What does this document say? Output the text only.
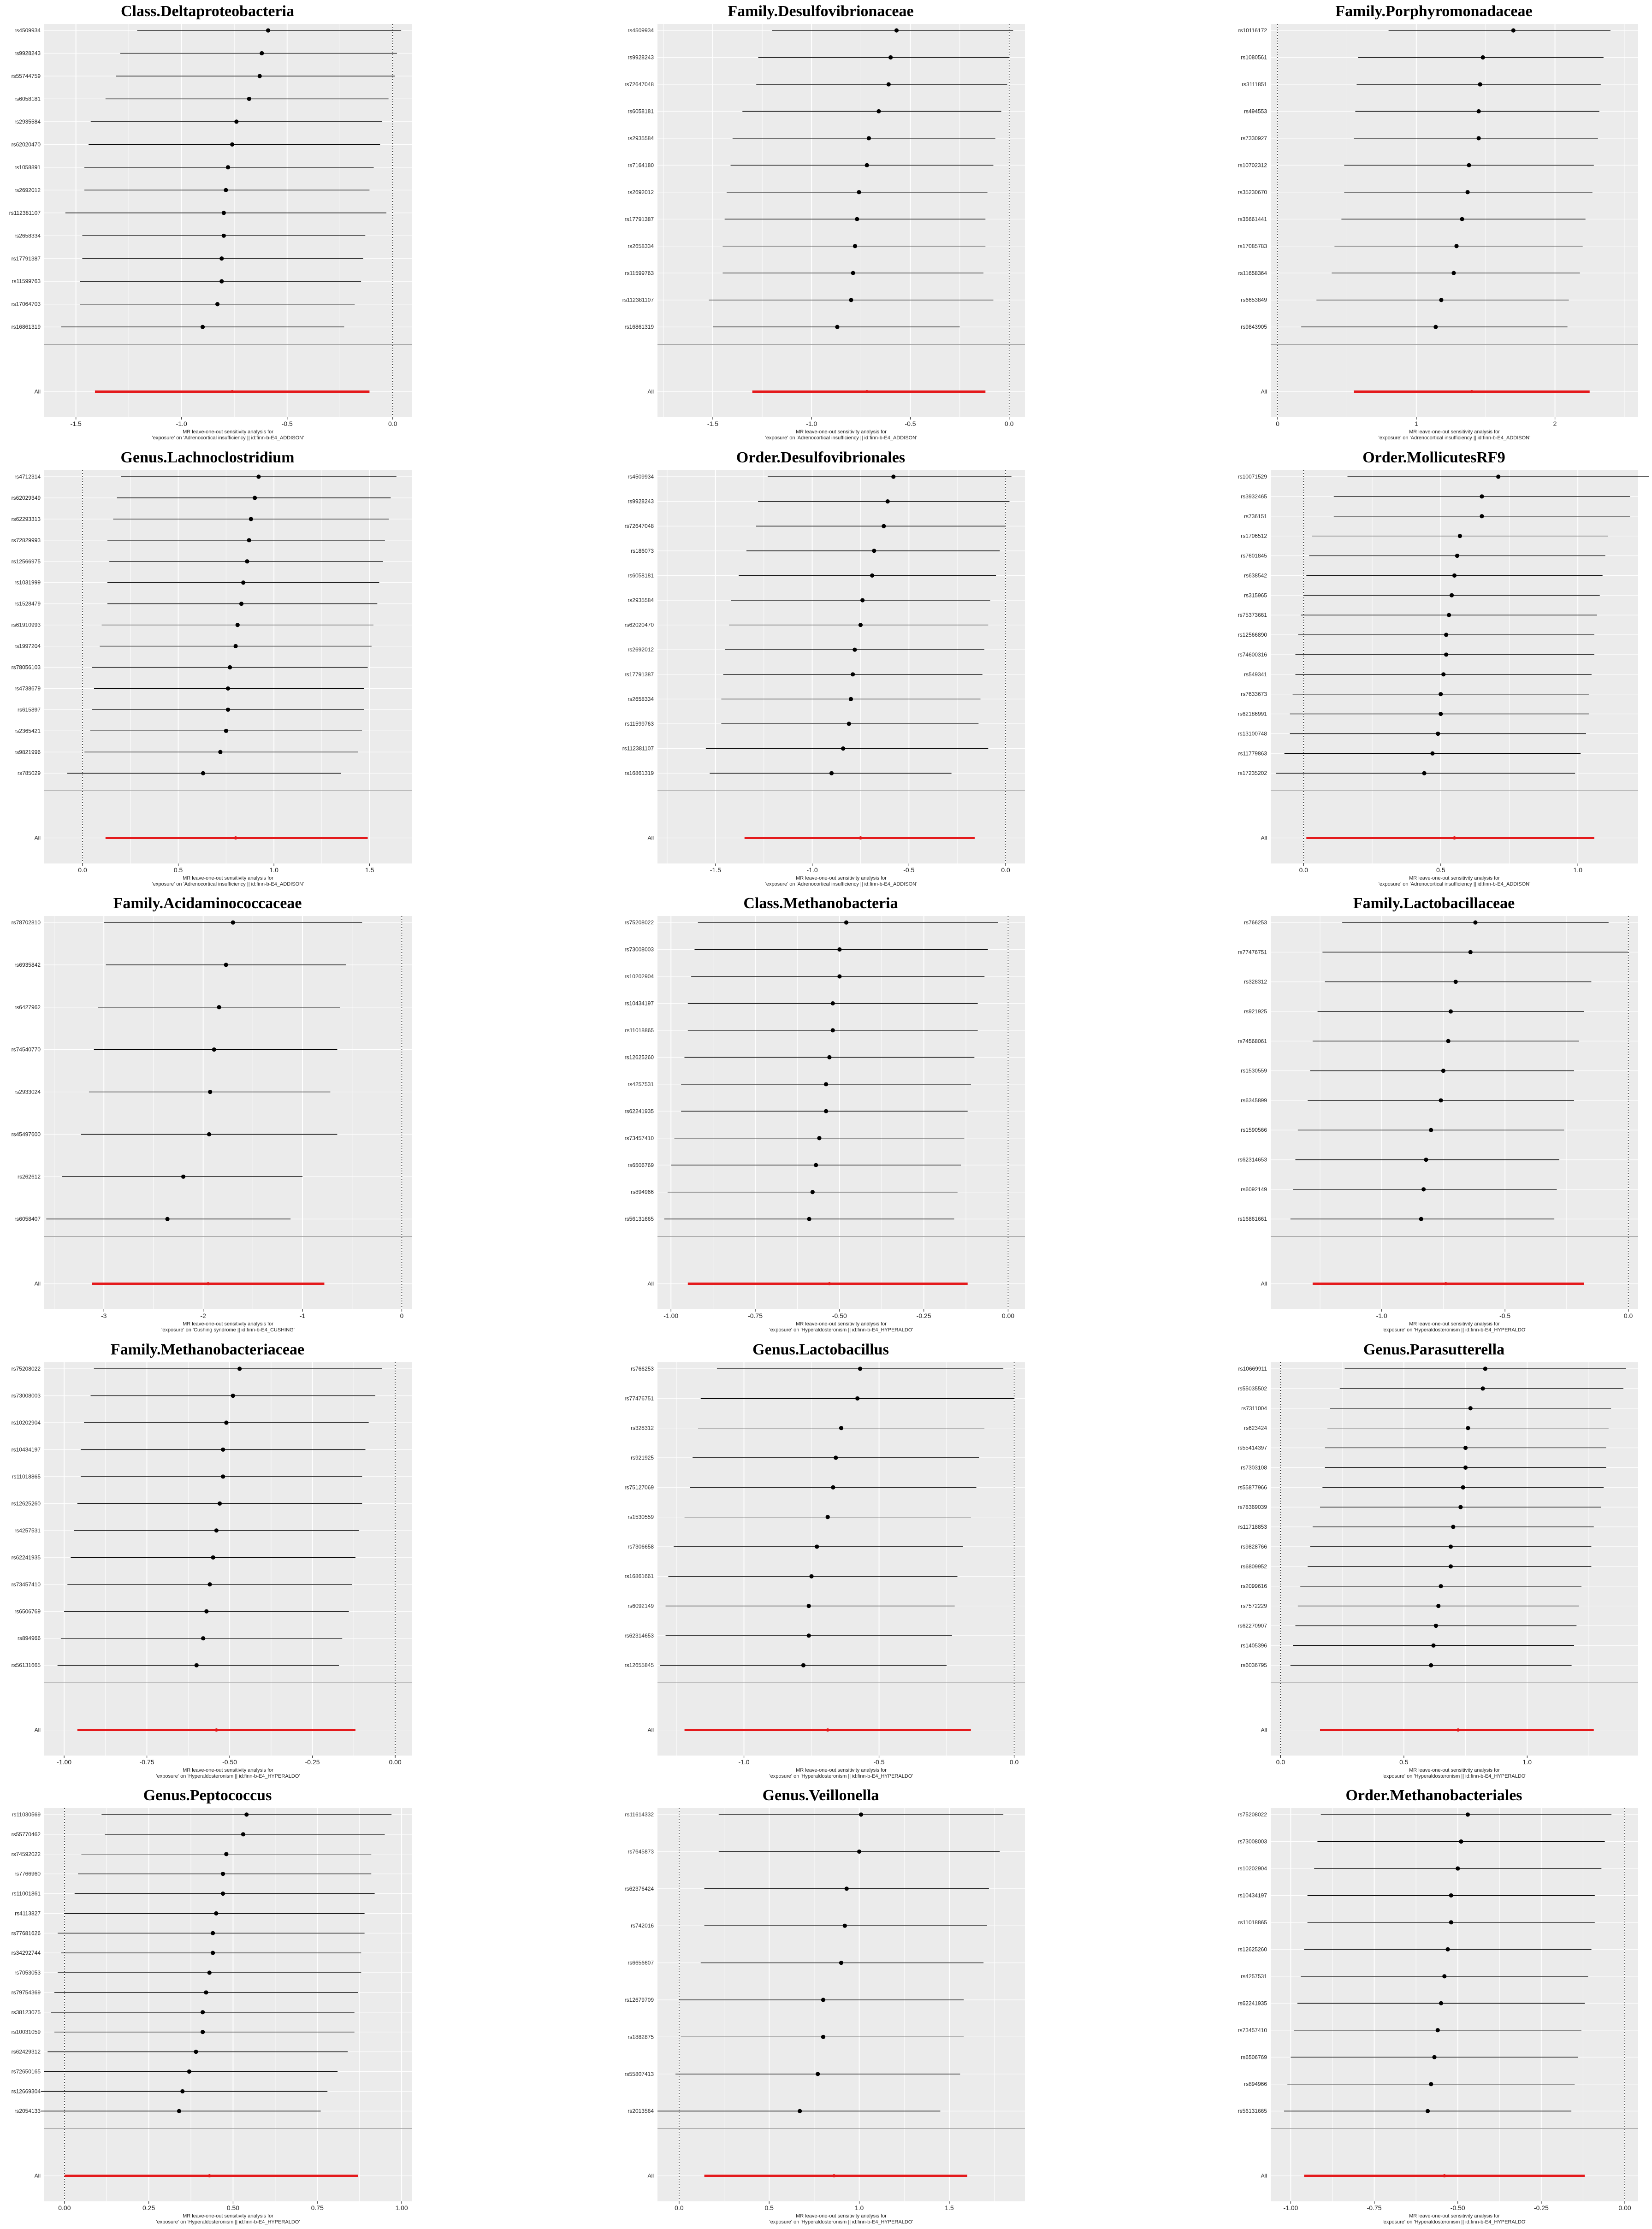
Class.Deltaproteobacteria
rs4509934
rs9928243
rs55744759
rs6058181
rs2935584
rs62020470
rs1058891
rs2692012
rs112381107
rs2658334
rs17791387
rs11599763
rs17064703
rs16861319
All
-1.5	-1.0	-0.5	0.0
MR leave-one-out sensitivity analysis for 'exposure' on 'Adrenocortical insufficiency || id:finn-b-E4_ADDISON'
Family.Desulfovibrionaceae
rs4509934
rs9928243
rs72647048
rs6058181
rs2935584
rs7164180
rs2692012
rs17791387
rs2658334
rs11599763
rs112381107
rs16861319
All
-1.5	-1.0	-0.5	0.0
MR leave-one-out sensitivity analysis for 'exposure' on 'Adrenocortical insufficiency || id:finn-b-E4_ADDISON'
Family.Porphyromonadaceae
rs10116172
rs1080561
rs3111851
rs494553
rs7330927
rs10702312
rs35230670
rs35661441
rs17085783
rs11658364
rs6653849
rs9843905
All
0	1	2
MR leave-one-out sensitivity analysis for 'exposure' on 'Adrenocortical insufficiency || id:finn-b-E4_ADDISON'
Genus.Lachnoclostridium
rs4712314
rs62029349
rs62293313
rs72829993
rs12566975
rs1031999
rs1528479
rs61910993
rs1997204
rs78056103
rs4738679
rs615897
rs2365421
rs9821996
rs785029
All
0.0	0.5	1.0	1.5
MR leave-one-out sensitivity analysis for 'exposure' on 'Adrenocortical insufficiency || id:finn-b-E4_ADDISON'
Order.Desulfovibrionales
rs4509934
rs9928243
rs72647048
rs186073
rs6058181
rs2935584
rs62020470
rs2692012
rs17791387
rs2658334
rs11599763
rs112381107
rs16861319
All
-1.5	-1.0	-0.5	0.0
MR leave-one-out sensitivity analysis for 'exposure' on 'Adrenocortical insufficiency || id:finn-b-E4_ADDISON'
Order.MollicutesRF9
rs10071529
rs3932465
rs736151
rs1706512
rs7601845
rs638542
rs315965
rs75373661
rs12566890
rs74600316
rs549341
rs7633673
rs62186991
rs13100748
rs11779863
rs17235202
All
0.0	0.5	1.0
MR leave-one-out sensitivity analysis for 'exposure' on 'Adrenocortical insufficiency || id:finn-b-E4_ADDISON'
Family.Acidaminococcaceae
rs78702810
rs6935842
rs6427962
rs74540770
rs2933024
rs45497600
rs262612
rs6058407
All
-3	-2	-1	0
MR leave-one-out sensitivity analysis for 'exposure' on 'Cushing syndrome || id:finn-b-E4_CUSHING'
Class.Methanobacteria
rs75208022
rs73008003
rs10202904
rs10434197
rs11018865
rs12625260
rs4257531
rs62241935
rs73457410
rs6506769
rs894966
rs56131665
All
-1.00	-0.75	-0.50	-0.25	0.00
MR leave-one-out sensitivity analysis for 'exposure' on 'Hyperaldosteronism || id:finn-b-E4_HYPERALDO'
Family.Lactobacillaceae
rs766253
rs77476751
rs328312
rs921925
rs74568061
rs1530559
rs6345899
rs1590566
rs62314653
rs6092149
rs16861661
All
-1.0	-0.5	0.0
MR leave-one-out sensitivity analysis for 'exposure' on 'Hyperaldosteronism || id:finn-b-E4_HYPERALDO'
Family.Methanobacteriaceae
rs75208022
rs73008003
rs10202904
rs10434197
rs11018865
rs12625260
rs4257531
rs62241935
rs73457410
rs6506769
rs894966
rs56131665
All
-1.00	-0.75	-0.50	-0.25	0.00
MR leave-one-out sensitivity analysis for 'exposure' on 'Hyperaldosteronism || id:finn-b-E4_HYPERALDO'
Genus.Lactobacillus
rs766253
rs77476751
rs328312
rs921925
rs75127069
rs1530559
rs7306658
rs16861661
rs6092149
rs62314653
rs12655845
All
-1.0	-0.5	0.0
MR leave-one-out sensitivity analysis for 'exposure' on 'Hyperaldosteronism || id:finn-b-E4_HYPERALDO'
Genus.Parasutterella
rs10669911
rs55035502
rs7311004
rs623424
rs55414397
rs7303108
rs55877966
rs78369039
rs11718853
rs9828766
rs6809952
rs2099616
rs7572229
rs62270907
rs1405396
rs6036795
All
0.0	0.5	1.0
MR leave-one-out sensitivity analysis for 'exposure' on 'Hyperaldosteronism || id:finn-b-E4_HYPERALDO'
Genus.Peptococcus
rs11030569
rs55770462
rs74592022
rs7766960
rs11001861
rs4113827
rs77681626
rs34292744
rs7053053
rs79754369
rs38123075
rs10031059
rs62429312
rs72650165
rs12669304
rs2054133
All
0.00	0.25	0.50	0.75	1.00
MR leave-one-out sensitivity analysis for 'exposure' on 'Hyperaldosteronism || id:finn-b-E4_HYPERALDO'
Genus.Veillonella
rs11614332
rs7645873
rs62376424
rs742016
rs6656607
rs12679709
rs1882875
rs55807413
rs2013564
All
0.0	0.5	1.0	1.5
MR leave-one-out sensitivity analysis for 'exposure' on 'Hyperaldosteronism || id:finn-b-E4_HYPERALDO'
Order.Methanobacteriales
rs75208022
rs73008003
rs10202904
rs10434197
rs11018865
rs12625260
rs4257531
rs62241935
rs73457410
rs6506769
rs894966
rs56131665
All
-1.00	-0.75	-0.50	-0.25	0.00
MR leave-one-out sensitivity analysis for 'exposure' on 'Hyperaldosteronism || id:finn-b-E4_HYPERALDO'
